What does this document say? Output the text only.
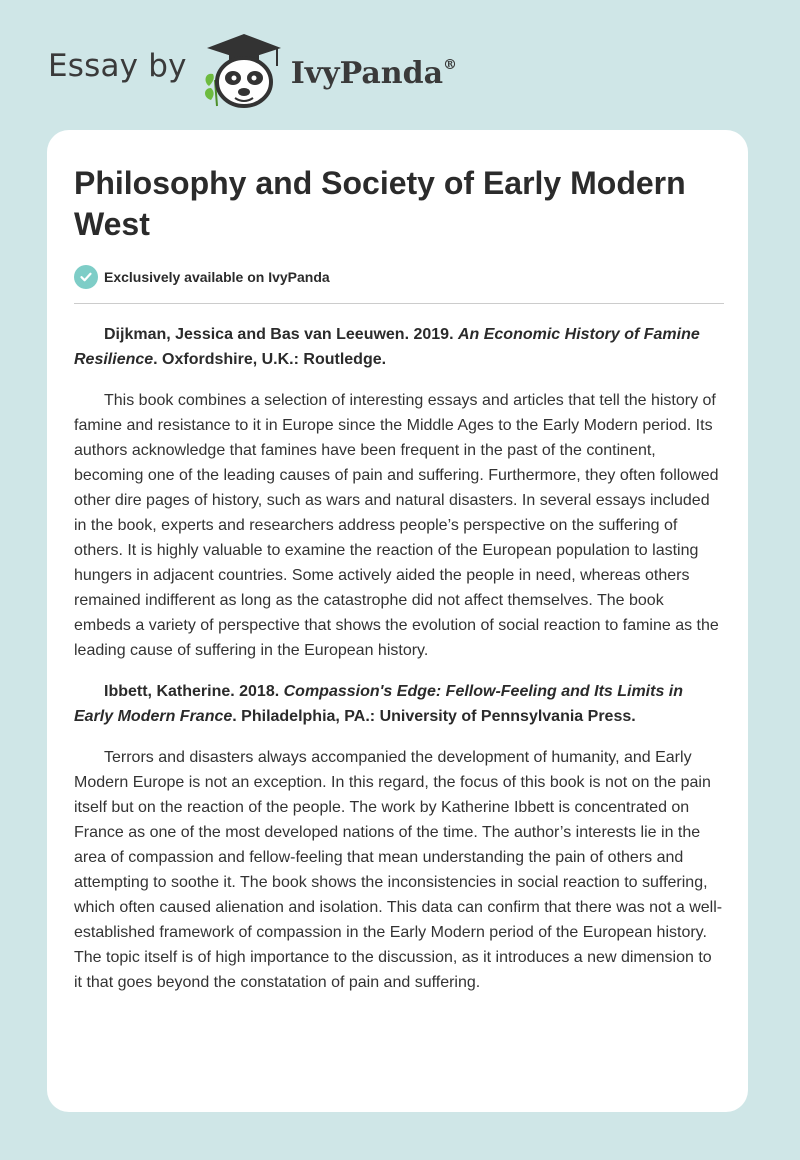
Essay by	IvyPanda®
Philosophy and Society of Early Modern West
Exclusively available on IvyPanda

Dijkman, Jessica and Bas van Leeuwen. 2019. An Economic History of Famine Resilience. Oxfordshire, U.K.: Routledge.

This book combines a selection of interesting essays and articles that tell the history of famine and resistance to it in Europe since the Middle Ages to the Early Modern period. Its authors acknowledge that famines have been frequent in the past of the continent, becoming one of the leading causes of pain and suffering. Furthermore, they often followed other dire pages of history, such as wars and natural disasters. In several essays included in the book, experts and researchers address people’s perspective on the suffering of others. It is highly valuable to examine the reaction of the European population to lasting hungers in adjacent countries. Some actively aided the people in need, whereas others remained indifferent as long as the catastrophe did not affect themselves. The book embeds a variety of perspective that shows the evolution of social reaction to famine as the leading cause of suffering in the European history.

Ibbett, Katherine. 2018. Compassion's Edge: Fellow-Feeling and Its Limits in Early Modern France. Philadelphia, PA.: University of Pennsylvania Press.

Terrors and disasters always accompanied the development of humanity, and Early Modern Europe is not an exception. In this regard, the focus of this book is not on the pain itself but on the reaction of the people. The work by Katherine Ibbett is concentrated on France as one of the most developed nations of the time. The author’s interests lie in the area of compassion and fellow-feeling that mean understanding the pain of others and attempting to soothe it. The book shows the inconsistencies in social reaction to suffering, which often caused alienation and isolation. This data can confirm that there was not a well-established framework of compassion in the Early Modern period of the European history. The topic itself is of high importance to the discussion, as it introduces a new dimension to it that goes beyond the constatation of pain and suffering.
